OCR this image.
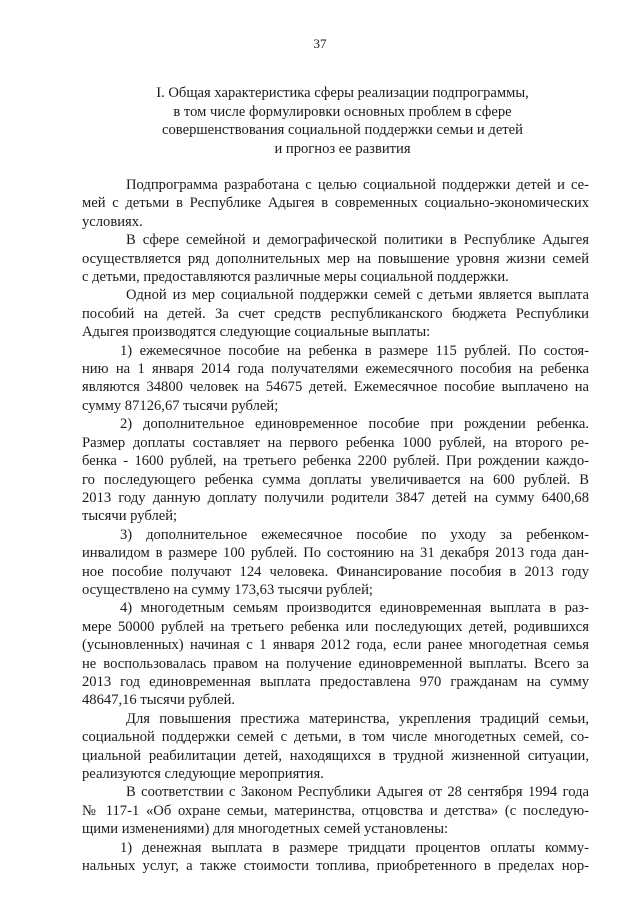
37
I. Общая характеристика сферы реализации подпрограммы,
в том числе формулировки основных проблем в сфере
совершенствования социальной поддержки семьи и детей
и прогноз ее развития
Подпрограмма разработана с целью социальной поддержки детей и се-
мей с детьми в Республике Адыгея в современных социально-экономических
условиях.
В сфере семейной и демографической политики в Республике Адыгея
осуществляется ряд дополнительных мер на повышение уровня жизни семей
с детьми, предоставляются различные меры социальной поддержки.
Одной из мер социальной поддержки семей с детьми является выплата
пособий на детей. За счет средств республиканского бюджета Республики
Адыгея производятся следующие социальные выплаты:
1) ежемесячное пособие на ребенка в размере 115 рублей. По состоя-
нию на 1 января 2014 года получателями ежемесячного пособия на ребенка
являются 34800 человек на 54675 детей. Ежемесячное пособие выплачено на
сумму 87126,67 тысячи рублей;
2) дополнительное единовременное пособие при рождении ребенка.
Размер доплаты составляет на первого ребенка 1000 рублей, на второго ре-
бенка - 1600 рублей, на третьего ребенка 2200 рублей. При рождении каждо-
го последующего ребенка сумма доплаты увеличивается на 600 рублей. В
2013 году данную доплату получили родители 3847 детей на сумму 6400,68
тысячи рублей;
3) дополнительное ежемесячное пособие по уходу за ребенком-
инвалидом в размере 100 рублей. По состоянию на 31 декабря 2013 года дан-
ное пособие получают 124 человека. Финансирование пособия в 2013 году
осуществлено на сумму 173,63 тысячи рублей;
4) многодетным семьям производится единовременная выплата в раз-
мере 50000 рублей на третьего ребенка или последующих детей, родившихся
(усыновленных) начиная с 1 января 2012 года, если ранее многодетная семья
не воспользовалась правом на получение единовременной выплаты. Всего за
2013 год единовременная выплата предоставлена 970 гражданам на сумму
48647,16 тысячи рублей.
Для повышения престижа материнства, укрепления традиций семьи,
социальной поддержки семей с детьми, в том числе многодетных семей, со-
циальной реабилитации детей, находящихся в трудной жизненной ситуации,
реализуются следующие мероприятия.
В соответствии с Законом Республики Адыгея от 28 сентября 1994 года
№ 117-1 «Об охране семьи, материнства, отцовства и детства» (с последую-
щими изменениями) для многодетных семей установлены:
1) денежная выплата в размере тридцати процентов оплаты комму-
нальных услуг, а также стоимости топлива, приобретенного в пределах нор-
